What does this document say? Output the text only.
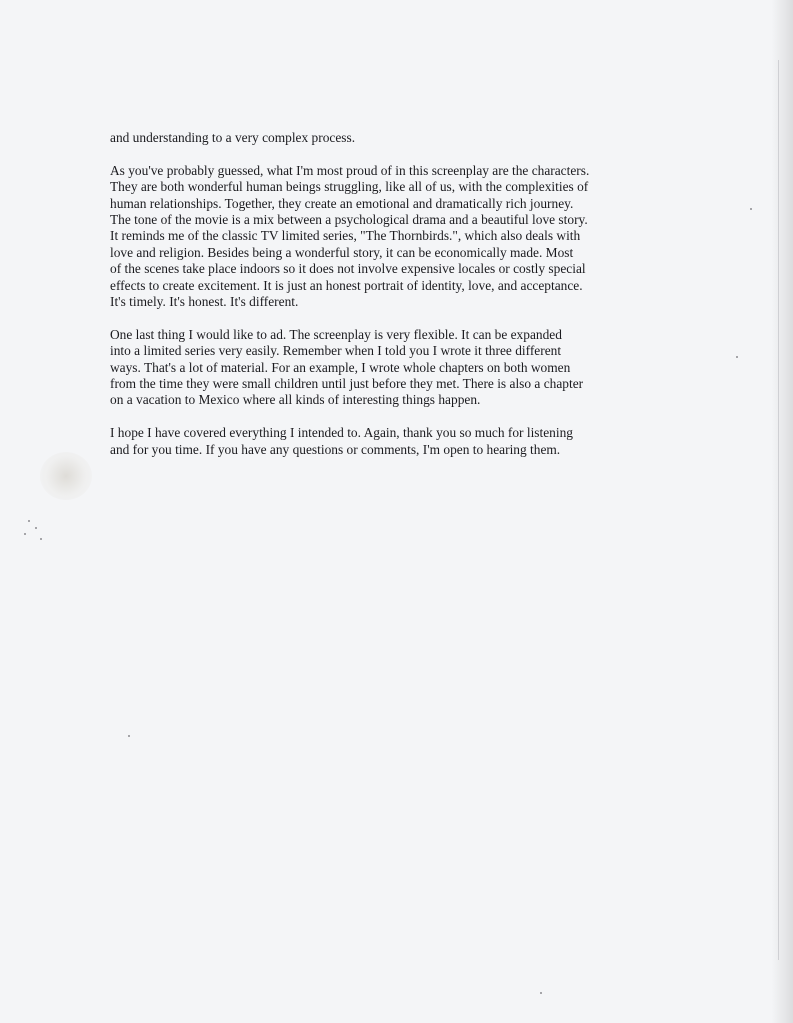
and understanding to a very complex process.

As you've probably guessed, what I'm most proud of in this screenplay are the characters.
They are both wonderful human beings struggling, like all of us, with the complexities of
human relationships. Together, they create an emotional and dramatically rich journey.
The tone of the movie is a mix between a psychological drama and a beautiful love story.
It reminds me of the classic TV limited series, "The Thornbirds.", which also deals with
love and religion. Besides being a wonderful story, it can be economically made. Most
of the scenes take place indoors so it does not involve expensive locales or costly special
effects to create excitement. It is just an honest portrait of identity, love, and acceptance.
It's timely. It's honest. It's different.

One last thing I would like to ad. The screenplay is very flexible. It can be expanded
into a limited series very easily. Remember when I told you I wrote it three different
ways. That's a lot of material. For an example, I wrote whole chapters on both women
from the time they were small children until just before they met. There is also a chapter
on a vacation to Mexico where all kinds of interesting things happen.

I hope I have covered everything I intended to. Again, thank you so much for listening
and for you time. If you have any questions or comments, I'm open to hearing them.
